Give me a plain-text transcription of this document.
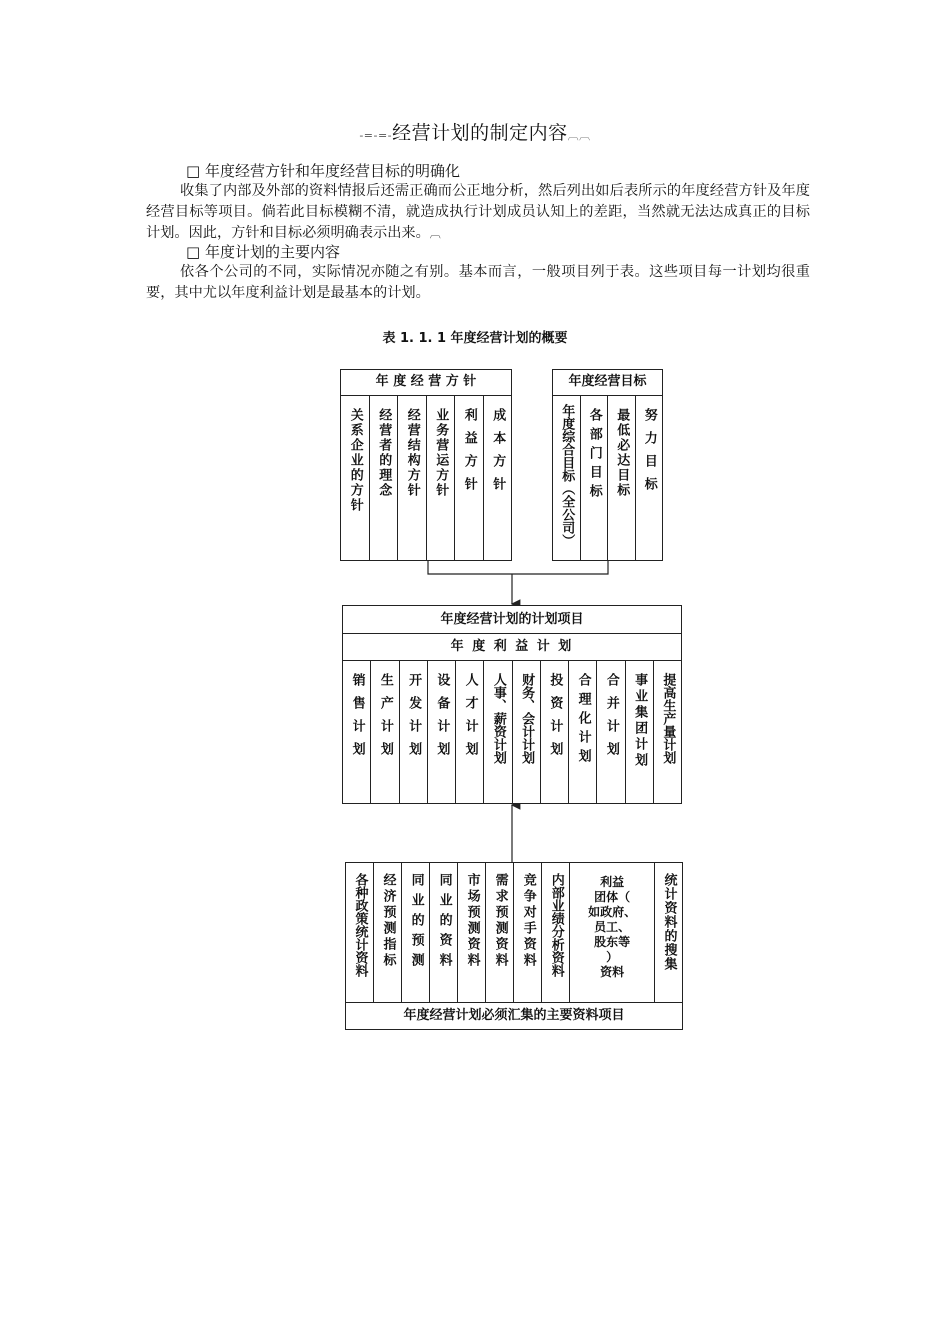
-=-=-经营计划的制定内容︹︹
□ 年度经营方针和年度经营目标的明确化
收集了内部及外部的资料情报后还需正确而公正地分析，然后列出如后表所示的年度经营方针及年度经营目标等项目。倘若此目标模糊不清，就造成执行计划成员认知上的差距，当然就无法达成真正的目标计划。因此，方针和目标必须明确表示出来。︹
□ 年度计划的主要内容
依各个公司的不同，实际情况亦随之有别。基本而言，一般项目列于表。这些项目每一计划均很重要，其中尤以年度利益计划是最基本的计划。
表 1. 1. 1 年度经营计划的概要
年 度 经 营 方 针
关系企业的方针 经营者的理念 经营结构方针 业务营运方针 利益方针 成本方针
年度经营目标
年度综合目标（全公司） 各部门目标 最低必达目标 努力目标
年度经营计划的计划项目
年 度 利 益 计 划
销售计划 生产计划 开发计划 设备计划 人才计划 人事、薪资计划 财务、会计计划 投资计划 合理化计划 合并计划 事业集团计划 提高生产量计划
各种政策统计资料 经济预测指标 同业的预测 同业的资料 市场预测资料 需求预测资料 竞争对手资料 内部业绩分析资料	利益
团体（
如政府、
员工、
股东等
）
资料
统计资料的搜集
年度经营计划必须汇集的主要资料项目
